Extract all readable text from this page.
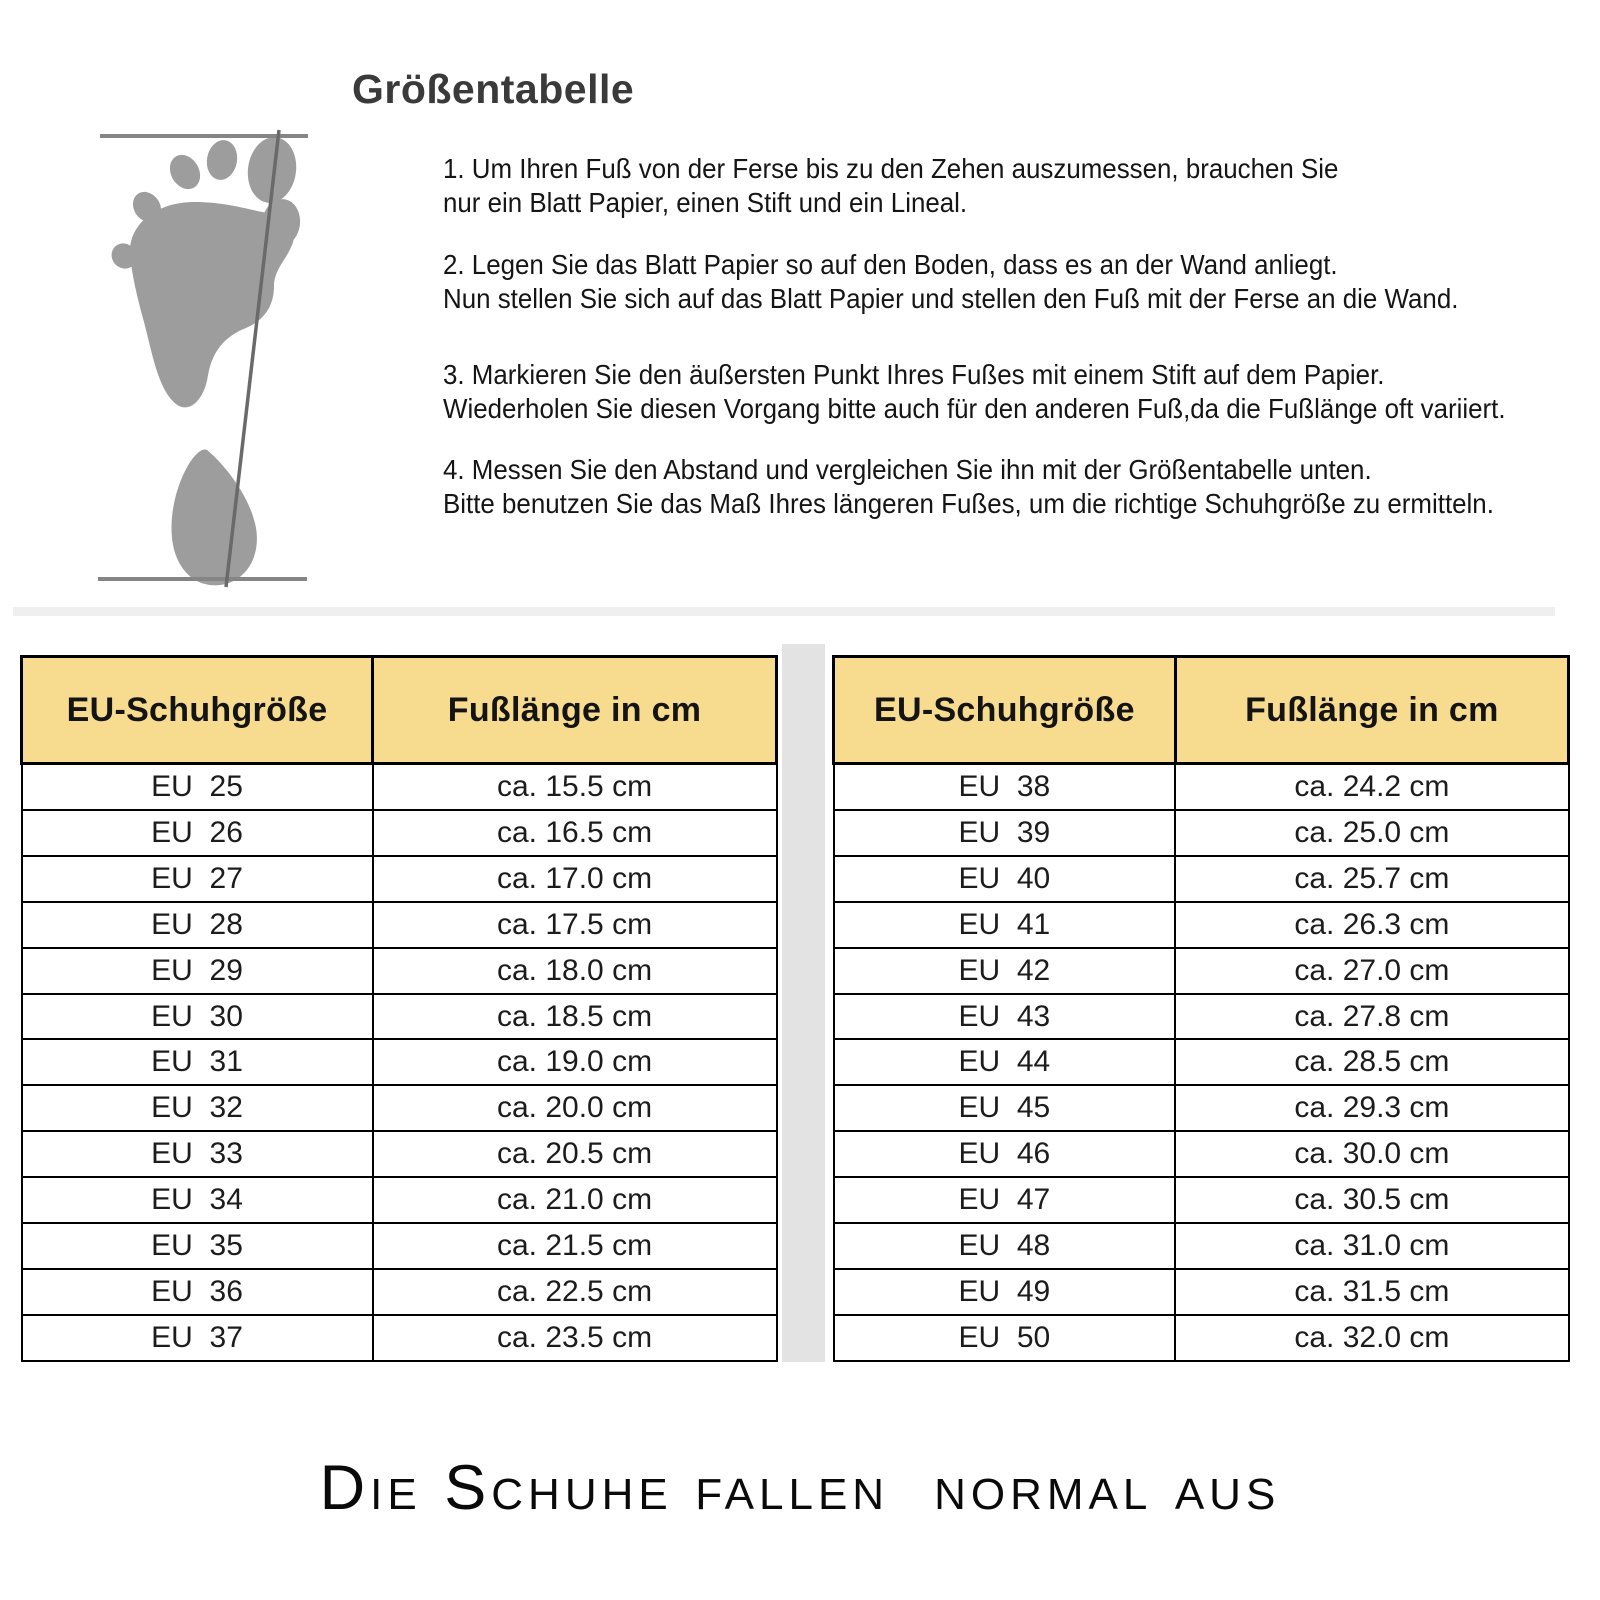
Größentabelle
1. Um Ihren Fuß von der Ferse bis zu den Zehen auszumessen, brauchen Sie
nur ein Blatt Papier, einen Stift und ein Lineal.
2. Legen Sie das Blatt Papier so auf den Boden, dass es an der Wand anliegt.
Nun stellen Sie sich auf das Blatt Papier und stellen den Fuß mit der Ferse an die Wand.
3. Markieren Sie den äußersten Punkt Ihres Fußes mit einem Stift auf dem Papier.
Wiederholen Sie diesen Vorgang bitte auch für den anderen Fuß,da die Fußlänge oft variiert.
4. Messen Sie den Abstand und vergleichen Sie ihn mit der Größentabelle unten.
Bitte benutzen Sie das Maß Ihres längeren Fußes, um die richtige Schuhgröße zu ermitteln.
EU-Schuhgröße	Fußlänge in cm
EU  25	ca. 15.5 cm
EU  26	ca. 16.5 cm
EU  27	ca. 17.0 cm
EU  28	ca. 17.5 cm
EU  29	ca. 18.0 cm
EU  30	ca. 18.5 cm
EU  31	ca. 19.0 cm
EU  32	ca. 20.0 cm
EU  33	ca. 20.5 cm
EU  34	ca. 21.0 cm
EU  35	ca. 21.5 cm
EU  36	ca. 22.5 cm
EU  37	ca. 23.5 cm
EU-Schuhgröße	Fußlänge in cm
EU  38	ca. 24.2 cm
EU  39	ca. 25.0 cm
EU  40	ca. 25.7 cm
EU  41	ca. 26.3 cm
EU  42	ca. 27.0 cm
EU  43	ca. 27.8 cm
EU  44	ca. 28.5 cm
EU  45	ca. 29.3 cm
EU  46	ca. 30.0 cm
EU  47	ca. 30.5 cm
EU  48	ca. 31.0 cm
EU  49	ca. 31.5 cm
EU  50	ca. 32.0 cm
Die Schuhe fallen  normal aus
